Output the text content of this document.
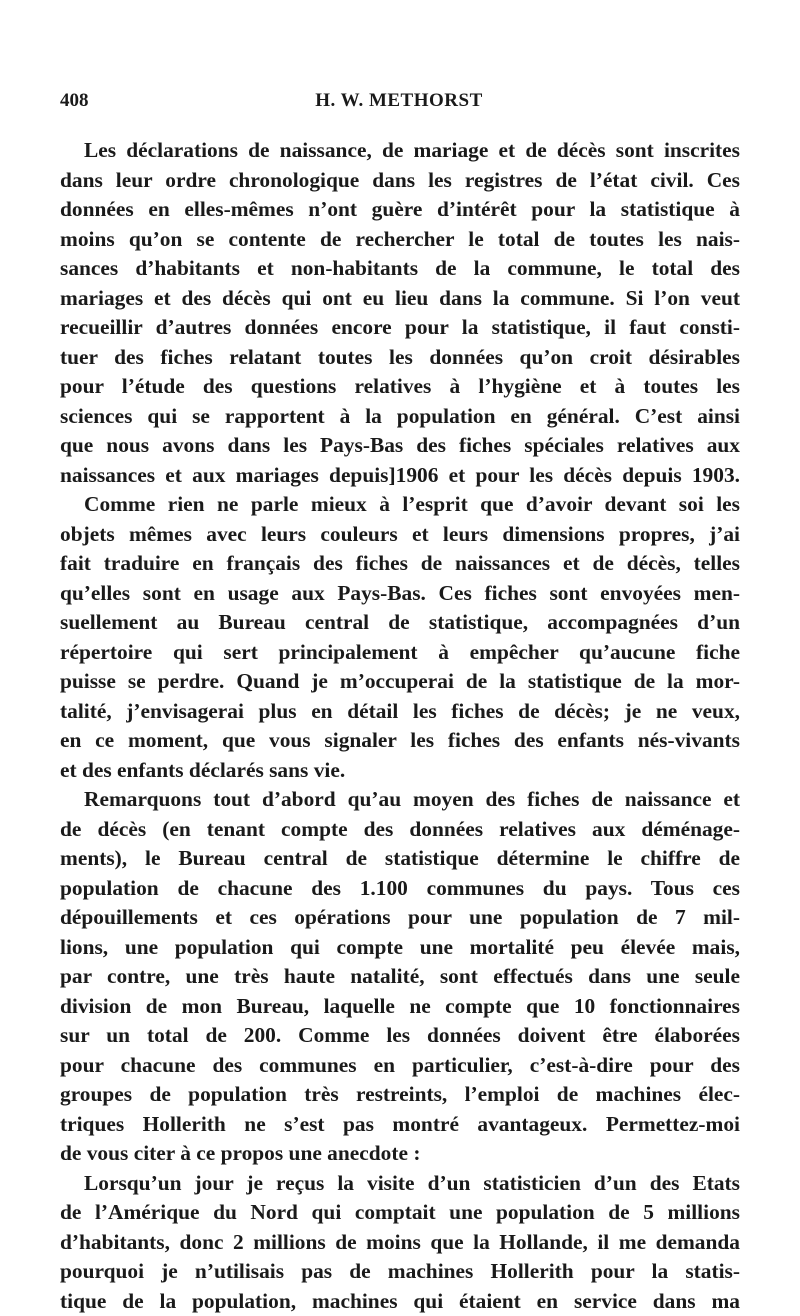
408	H. W. METHORST
Les déclarations de naissance, de mariage et de décès sont inscrites
dans leur ordre chronologique dans les registres de l’état civil. Ces
données en elles-mêmes n’ont guère d’intérêt pour la statistique à
moins qu’on se contente de rechercher le total de toutes les nais-
sances d’habitants et non-habitants de la commune, le total des
mariages et des décès qui ont eu lieu dans la commune. Si l’on veut
recueillir d’autres données encore pour la statistique, il faut consti-
tuer des fiches relatant toutes les données qu’on croit désirables
pour l’étude des questions relatives à l’hygiène et à toutes les
sciences qui se rapportent à la population en général. C’est ainsi
que nous avons dans les Pays-Bas des fiches spéciales relatives aux
naissances et aux mariages depuis]1906 et pour les décès depuis 1903.
Comme rien ne parle mieux à l’esprit que d’avoir devant soi les
objets mêmes avec leurs couleurs et leurs dimensions propres, j’ai
fait traduire en français des fiches de naissances et de décès, telles
qu’elles sont en usage aux Pays-Bas. Ces fiches sont envoyées men-
suellement au Bureau central de statistique, accompagnées d’un
répertoire qui sert principalement à empêcher qu’aucune fiche
puisse se perdre. Quand je m’occuperai de la statistique de la mor-
talité, j’envisagerai plus en détail les fiches de décès; je ne veux,
en ce moment, que vous signaler les fiches des enfants nés-vivants
et des enfants déclarés sans vie.
Remarquons tout d’abord qu’au moyen des fiches de naissance et
de décès (en tenant compte des données relatives aux déménage-
ments), le Bureau central de statistique détermine le chiffre de
population de chacune des 1.100 communes du pays. Tous ces
dépouillements et ces opérations pour une population de 7 mil-
lions, une population qui compte une mortalité peu élevée mais,
par contre, une très haute natalité, sont effectués dans une seule
division de mon Bureau, laquelle ne compte que 10 fonctionnaires
sur un total de 200. Comme les données doivent être élaborées
pour chacune des communes en particulier, c’est-à-dire pour des
groupes de population très restreints, l’emploi de machines élec-
triques Hollerith ne s’est pas montré avantageux. Permettez-moi
de vous citer à ce propos une anecdote :
Lorsqu’un jour je reçus la visite d’un statisticien d’un des Etats
de l’Amérique du Nord qui comptait une population de 5 millions
d’habitants, donc 2 millions de moins que la Hollande, il me demanda
pourquoi je n’utilisais pas de machines Hollerith pour la statis-
tique de la population, machines qui étaient en service dans ma
